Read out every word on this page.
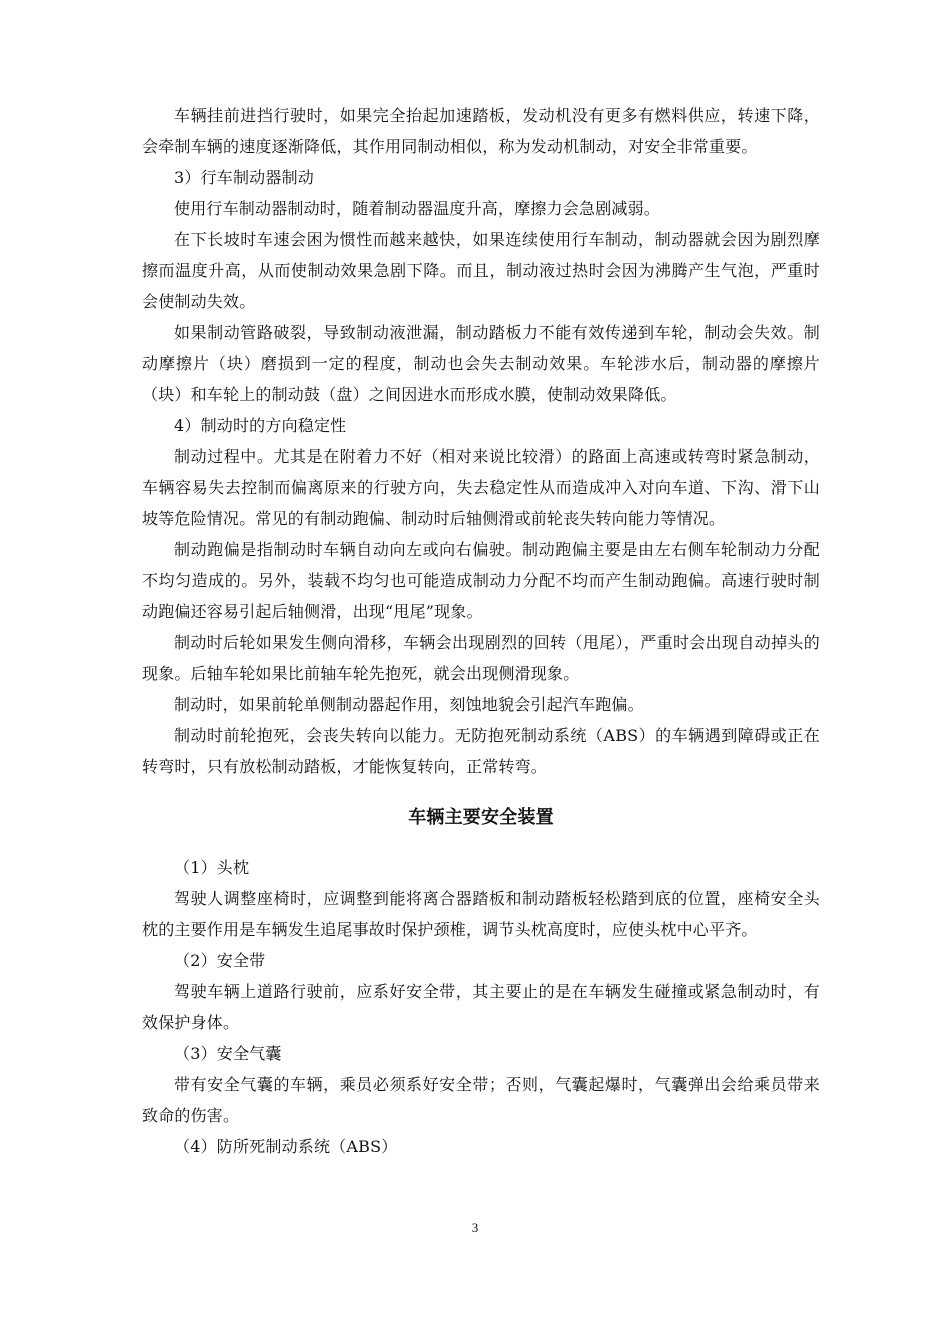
车辆挂前进挡行驶时，如果完全抬起加速踏板，发动机没有更多有燃料供应，转速下降，会牵制车辆的速度逐渐降低，其作用同制动相似，称为发动机制动，对安全非常重要。

3）行车制动器制动

使用行车制动器制动时，随着制动器温度升高，摩擦力会急剧减弱。

在下长坡时车速会困为惯性而越来越快，如果连续使用行车制动，制动器就会因为剧烈摩擦而温度升高，从而使制动效果急剧下降。而且，制动液过热时会因为沸腾产生气泡，严重时会使制动失效。

如果制动管路破裂，导致制动液泄漏，制动踏板力不能有效传递到车轮，制动会失效。制动摩擦片（块）磨损到一定的程度，制动也会失去制动效果。车轮涉水后，制动器的摩擦片（块）和车轮上的制动鼓（盘）之间因进水而形成水膜，使制动效果降低。

4）制动时的方向稳定性

制动过程中。尤其是在附着力不好（相对来说比较滑）的路面上高速或转弯时紧急制动，车辆容易失去控制而偏离原来的行驶方向，失去稳定性从而造成冲入对向车道、下沟、滑下山坡等危险情况。常见的有制动跑偏、制动时后轴侧滑或前轮丧失转向能力等情况。

制动跑偏是指制动时车辆自动向左或向右偏驶。制动跑偏主要是由左右侧车轮制动力分配不均匀造成的。另外，装载不均匀也可能造成制动力分配不均而产生制动跑偏。高速行驶时制动跑偏还容易引起后轴侧滑，出现“甩尾”现象。

制动时后轮如果发生侧向滑移，车辆会出现剧烈的回转（甩尾），严重时会出现自动掉头的现象。后轴车轮如果比前轴车轮先抱死，就会出现侧滑现象。

制动时，如果前轮单侧制动器起作用，刻蚀地貌会引起汽车跑偏。

制动时前轮抱死，会丧失转向以能力。无防抱死制动系统（ABS）的车辆遇到障碍或正在转弯时，只有放松制动踏板，才能恢复转向，正常转弯。

车辆主要安全装置

（1）头枕

驾驶人调整座椅时，应调整到能将离合器踏板和制动踏板轻松踏到底的位置，座椅安全头枕的主要作用是车辆发生追尾事故时保护颈椎，调节头枕高度时，应使头枕中心平齐。

（2）安全带

驾驶车辆上道路行驶前，应系好安全带，其主要止的是在车辆发生碰撞或紧急制动时，有效保护身体。

（3）安全气囊

带有安全气囊的车辆，乘员必须系好安全带；否则，气囊起爆时，气囊弹出会给乘员带来致命的伤害。

（4）防所死制动系统（ABS）

3
